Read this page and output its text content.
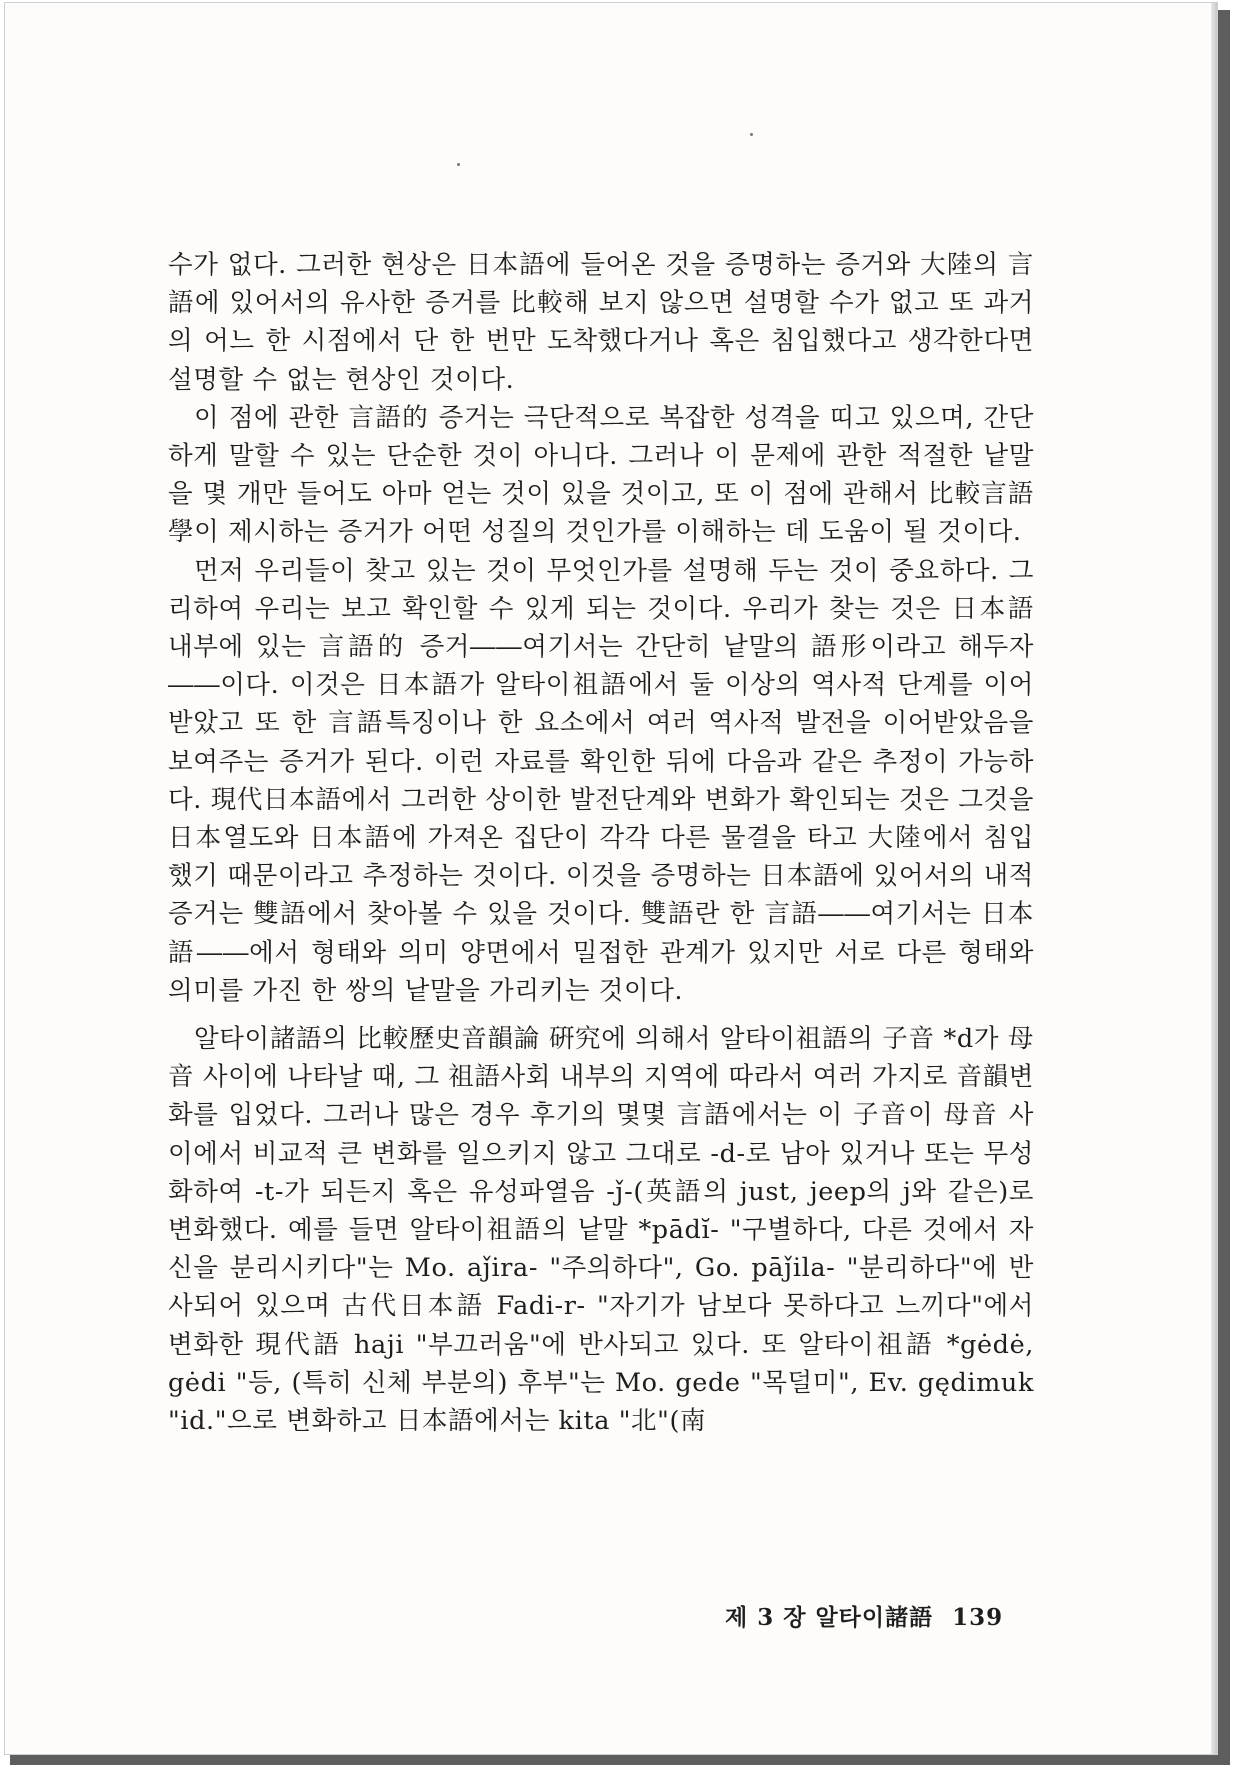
수가 없다. 그러한 현상은 日本語에 들어온 것을 증명하는 증거와 大陸의 言語에 있어서의 유사한 증거를 比較해 보지 않으면 설명할 수가 없고 또 과거의 어느 한 시점에서 단 한 번만 도착했다거나 혹은 침입했다고 생각한다면 설명할 수 없는 현상인 것이다.

이 점에 관한 言語的 증거는 극단적으로 복잡한 성격을 띠고 있으며, 간단하게 말할 수 있는 단순한 것이 아니다. 그러나 이 문제에 관한 적절한 낱말을 몇 개만 들어도 아마 얻는 것이 있을 것이고, 또 이 점에 관해서 比較言語學이 제시하는 증거가 어떤 성질의 것인가를 이해하는 데 도움이 될 것이다.

먼저 우리들이 찾고 있는 것이 무엇인가를 설명해 두는 것이 중요하다. 그리하여 우리는 보고 확인할 수 있게 되는 것이다. 우리가 찾는 것은 日本語 내부에 있는 言語的 증거――여기서는 간단히 낱말의 語形이라고 해두자――이다. 이것은 日本語가 알타이祖語에서 둘 이상의 역사적 단계를 이어받았고 또 한 言語특징이나 한 요소에서 여러 역사적 발전을 이어받았음을 보여주는 증거가 된다. 이런 자료를 확인한 뒤에 다음과 같은 추정이 가능하다. 現代日本語에서 그러한 상이한 발전단계와 변화가 확인되는 것은 그것을 日本열도와 日本語에 가져온 집단이 각각 다른 물결을 타고 大陸에서 침입했기 때문이라고 추정하는 것이다. 이것을 증명하는 日本語에 있어서의 내적 증거는 雙語에서 찾아볼 수 있을 것이다. 雙語란 한 言語――여기서는 日本語――에서 형태와 의미 양면에서 밀접한 관계가 있지만 서로 다른 형태와 의미를 가진 한 쌍의 낱말을 가리키는 것이다.

알타이諸語의 比較歷史音韻論 硏究에 의해서 알타이祖語의 子音 *d가 母音 사이에 나타날 때, 그 祖語사회 내부의 지역에 따라서 여러 가지로 音韻변화를 입었다. 그러나 많은 경우 후기의 몇몇 言語에서는 이 子音이 母音 사이에서 비교적 큰 변화를 일으키지 않고 그대로 -d-로 남아 있거나 또는 무성화하여 -t-가 되든지 혹은 유성파열음 -ǰ-(英語의 just, jeep의 j와 같은)로 변화했다. 예를 들면 알타이祖語의 낱말 *pādĭ- "구별하다, 다른 것에서 자신을 분리시키다"는 Mo. aǰira- "주의하다", Go. pāǰila- "분리하다"에 반사되어 있으며 古代日本語 Fadi-r- "자기가 남보다 못하다고 느끼다"에서 변화한 現代語 haji "부끄러움"에 반사되고 있다. 또 알타이祖語 *gėdė, gėdi "등, (특히 신체 부분의) 후부"는 Mo. gede "목덜미", Ev. gędimuk "id."으로 변화하고 日本語에서는 kita "北"(南

제 3 장 알타이諸語 139
